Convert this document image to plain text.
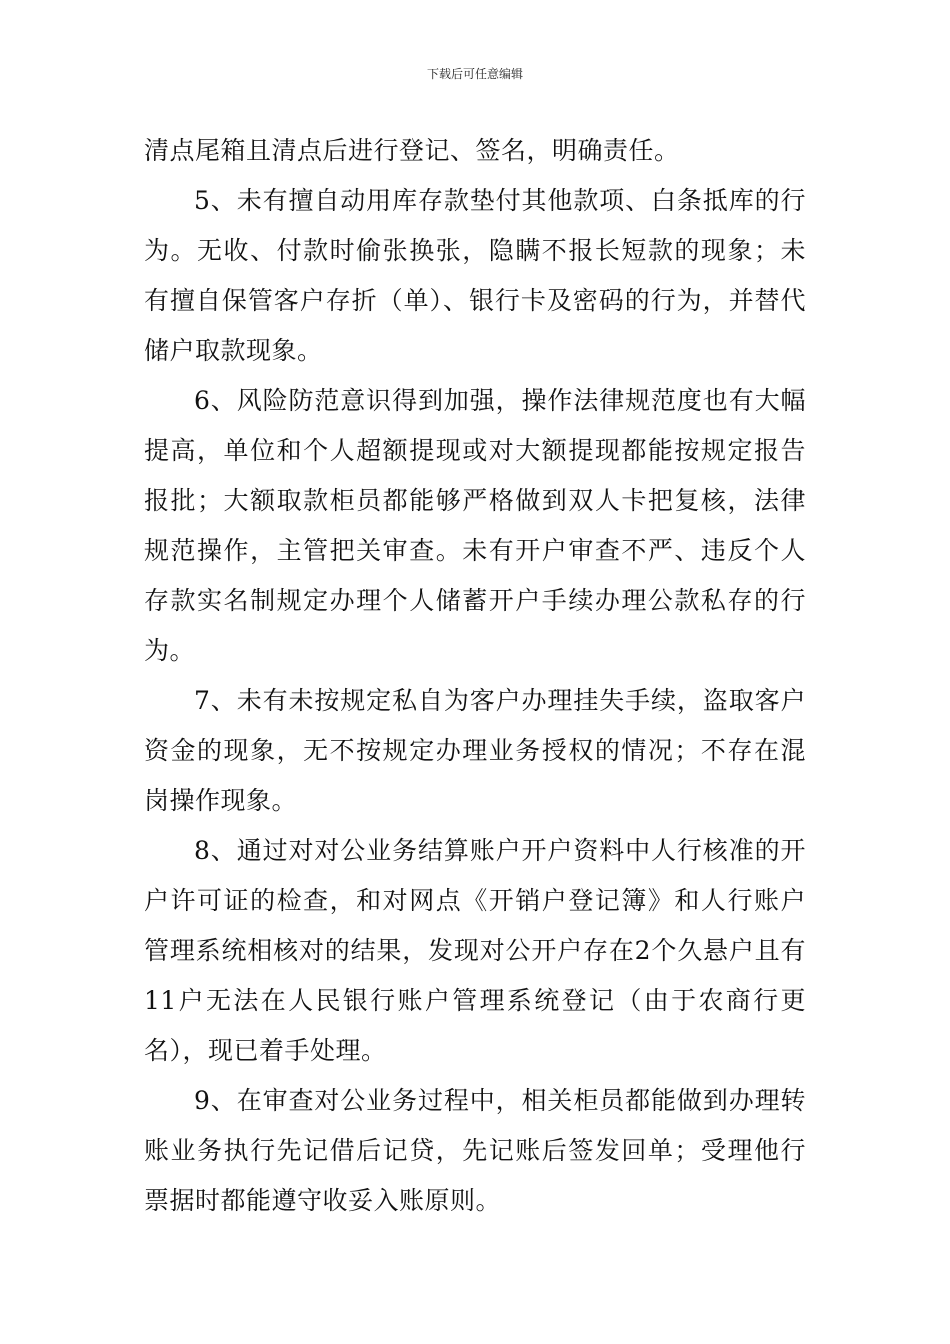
下载后可任意编辑

清点尾箱且清点后进行登记、签名，明确责任。

5、未有擅自动用库存款垫付其他款项、白条抵库的行为。无收、付款时偷张换张，隐瞒不报长短款的现象；未有擅自保管客户存折（单）、银行卡及密码的行为，并替代储户取款现象。

6、风险防范意识得到加强，操作法律规范度也有大幅提高，单位和个人超额提现或对大额提现都能按规定报告报批；大额取款柜员都能够严格做到双人卡把复核，法律规范操作，主管把关审查。未有开户审查不严、违反个人存款实名制规定办理个人储蓄开户手续办理公款私存的行为。

7、未有未按规定私自为客户办理挂失手续，盗取客户资金的现象，无不按规定办理业务授权的情况；不存在混岗操作现象。

8、通过对对公业务结算账户开户资料中人行核准的开户许可证的检查，和对网点《开销户登记簿》和人行账户管理系统相核对的结果，发现对公开户存在2个久悬户且有11户无法在人民银行账户管理系统登记（由于农商行更名），现已着手处理。

9、在审查对公业务过程中，相关柜员都能做到办理转账业务执行先记借后记贷，先记账后签发回单；受理他行票据时都能遵守收妥入账原则。
